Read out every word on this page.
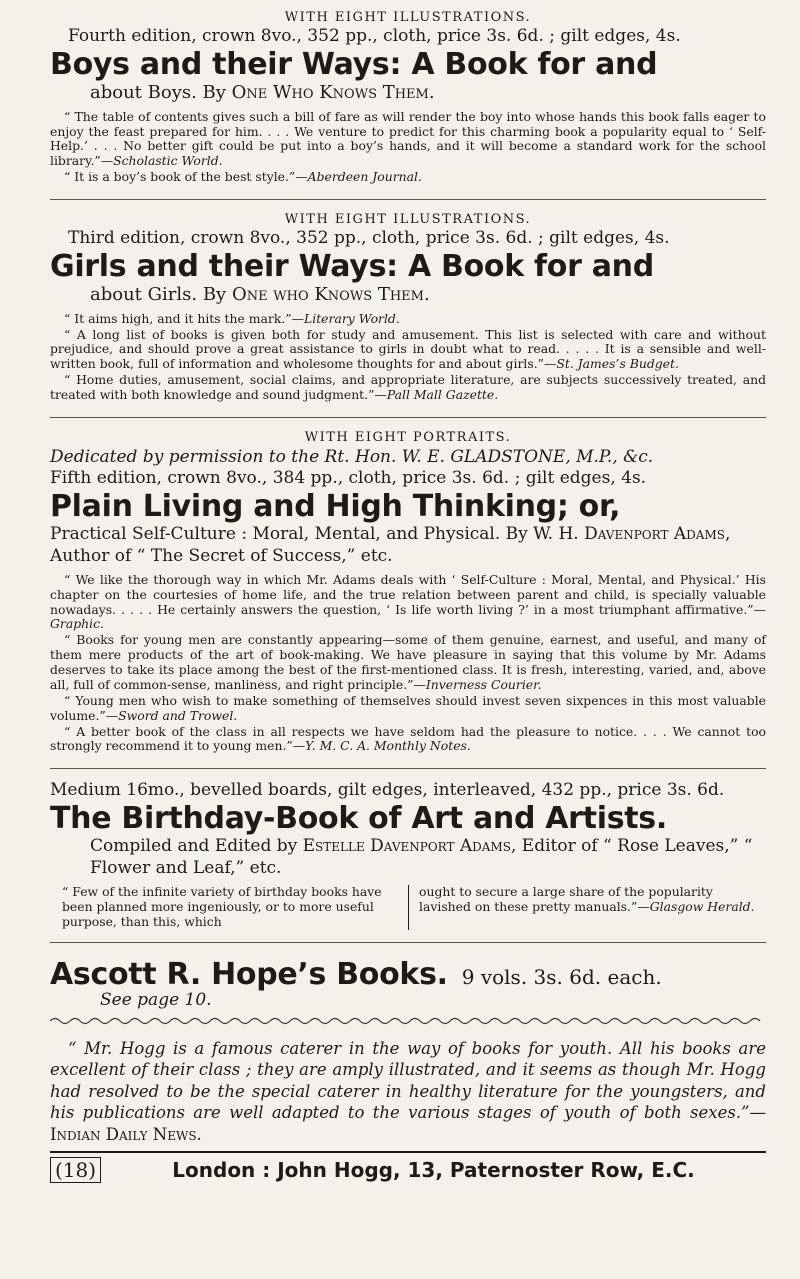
WITH EIGHT ILLUSTRATIONS.

Fourth edition, crown 8vo., 352 pp., cloth, price 3s. 6d. ; gilt edges, 4s.

Boys and their Ways: A Book for and

about Boys. By One Who Knows Them.

“ The table of contents gives such a bill of fare as will render the boy into whose hands this book falls eager to enjoy the feast prepared for him. . . . We venture to predict for this charming book a popularity equal to ‘ Self-Help.’ . . . No better gift could be put into a boy’s hands, and it will become a standard work for the school library.”—Scholastic World.

“ It is a boy’s book of the best style.”—Aberdeen Journal.

WITH EIGHT ILLUSTRATIONS.

Third edition, crown 8vo., 352 pp., cloth, price 3s. 6d. ; gilt edges, 4s.

Girls and their Ways: A Book for and

about Girls. By One who Knows Them.

“ It aims high, and it hits the mark.”—Literary World.

“ A long list of books is given both for study and amusement. This list is selected with care and without prejudice, and should prove a great assistance to girls in doubt what to read. . . . . It is a sensible and well-written book, full of information and wholesome thoughts for and about girls.”—St. James’s Budget.

“ Home duties, amusement, social claims, and appropriate literature, are subjects successively treated, and treated with both knowledge and sound judgment.”—Pall Mall Gazette.

WITH EIGHT PORTRAITS.

Dedicated by permission to the Rt. Hon. W. E. GLADSTONE, M.P., &c.

Fifth edition, crown 8vo., 384 pp., cloth, price 3s. 6d. ; gilt edges, 4s.

Plain Living and High Thinking; or,

Practical Self-Culture : Moral, Mental, and Physical. By W. H. Davenport Adams, Author of “ The Secret of Success,” etc.

“ We like the thorough way in which Mr. Adams deals with ‘ Self-Culture : Moral, Mental, and Physical.’ His chapter on the courtesies of home life, and the true relation between parent and child, is specially valuable nowadays. . . . . He certainly answers the question, ‘ Is life worth living ?’ in a most triumphant affirmative.”—Graphic.

“ Books for young men are constantly appearing—some of them genuine, earnest, and useful, and many of them mere products of the art of book-making. We have pleasure in saying that this volume by Mr. Adams deserves to take its place among the best of the first-mentioned class. It is fresh, interesting, varied, and, above all, full of common-sense, manliness, and right principle.”—Inverness Courier.

“ Young men who wish to make something of themselves should invest seven sixpences in this most valuable volume.”—Sword and Trowel.

“ A better book of the class in all respects we have seldom had the pleasure to notice. . . . We cannot too strongly recommend it to young men.”—Y. M. C. A. Monthly Notes.

Medium 16mo., bevelled boards, gilt edges, interleaved, 432 pp., price 3s. 6d.

The Birthday-Book of Art and Artists.

Compiled and Edited by Estelle Davenport Adams, Editor of “ Rose Leaves,” “ Flower and Leaf,” etc.

“ Few of the infinite variety of birthday books have been planned more ingeniously, or to more useful purpose, than this, which
ought to secure a large share of the popularity lavished on these pretty manuals.”—Glasgow Herald.
Ascott R. Hope’s Books. 9 vols. 3s. 6d. each.

See page 10.

“ Mr. Hogg is a famous caterer in the way of books for youth. All his books are excellent of their class ; they are amply illustrated, and it seems as though Mr. Hogg had resolved to be the special caterer in healthy literature for the youngsters, and his publications are well adapted to the various stages of youth of both sexes.”—Indian Daily News.

(18)	London : John Hogg, 13, Paternoster Row, E.C.
